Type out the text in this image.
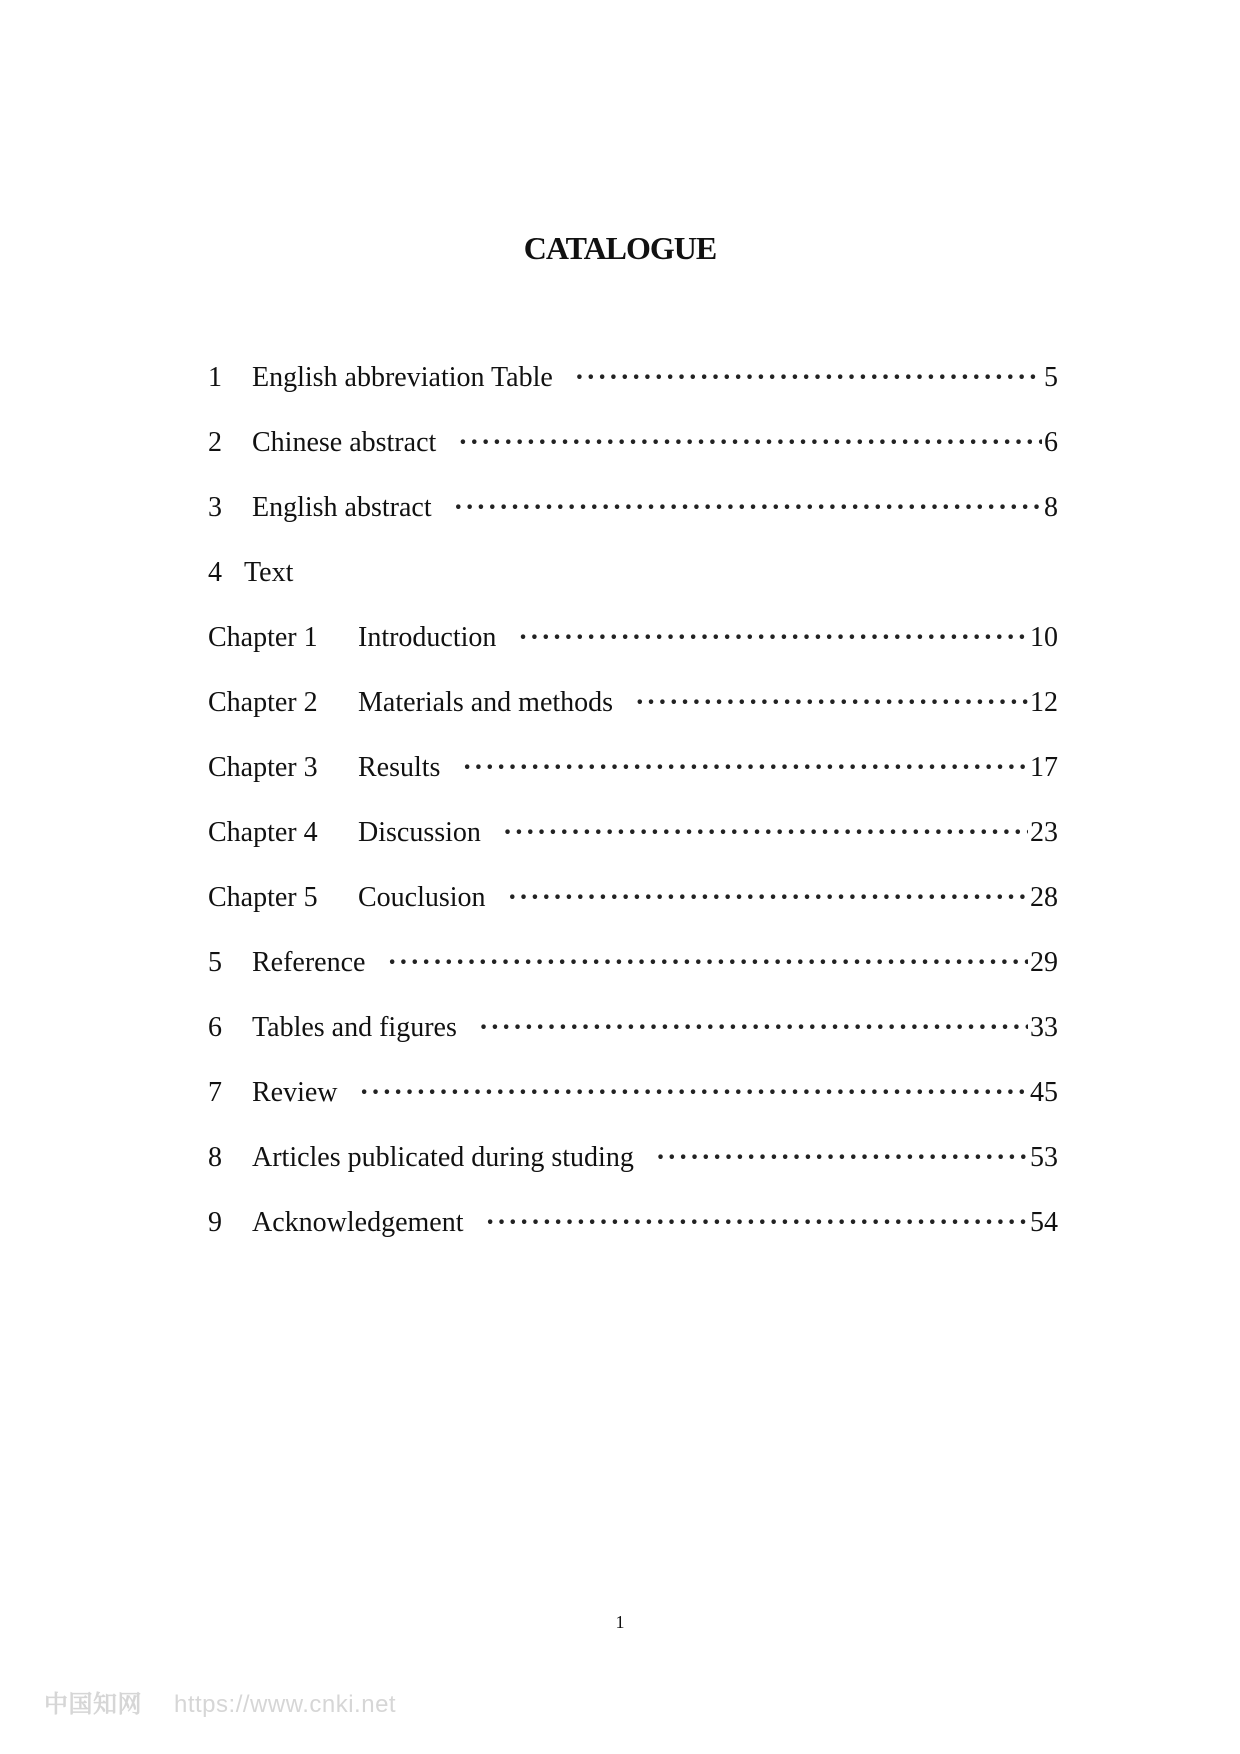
CATALOGUE
1 English abbreviation Table ·····	5
2 Chinese abstract ·····	6
3 English abstract ·····	8
4 Text
Chapter 1 Introduction ·····	10
Chapter 2 Materials and methods ·····	12
Chapter 3 Results ·····	17
Chapter 4 Discussion ·····	23
Chapter 5 Couclusion ·····	28
5 Reference ·····	29
6 Tables and figures ·····	33
7 Review ·····	45
8 Articles publicated during studing ·····	53
9 Acknowledgement ·····	54
1
中国知网 https://www.cnki.net
